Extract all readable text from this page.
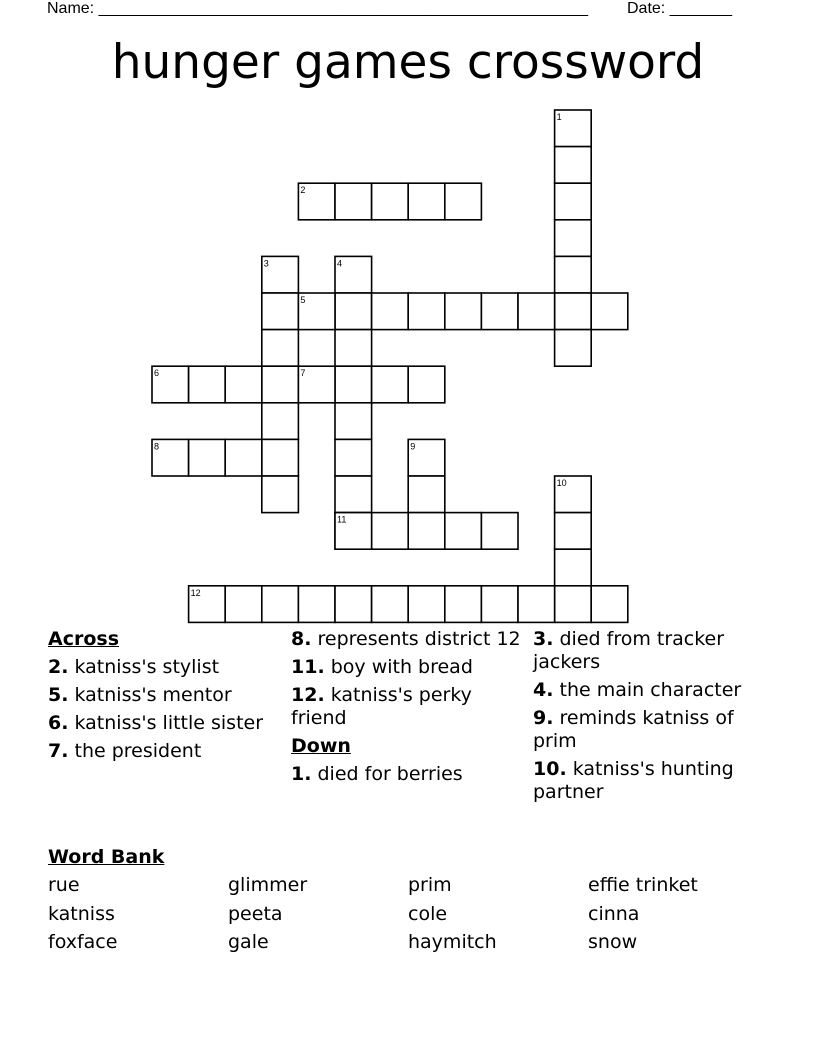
Name: _______________________________________________________ Date: _______
hunger games crossword
1
2
3	4
5
6	7
8	9
10
11
12
Across
2. katniss's stylist
5. katniss's mentor
6. katniss's little sister
7. the president
8. represents district 12
11. boy with bread
12. katniss's perky friend
Down
1. died for berries
3. died from tracker jackers
4. the main character
9. reminds katniss of prim
10. katniss's hunting partner
Word Bank
rue	glimmer	prim	effie trinket
katniss	peeta	cole	cinna
foxface	gale	haymitch	snow
